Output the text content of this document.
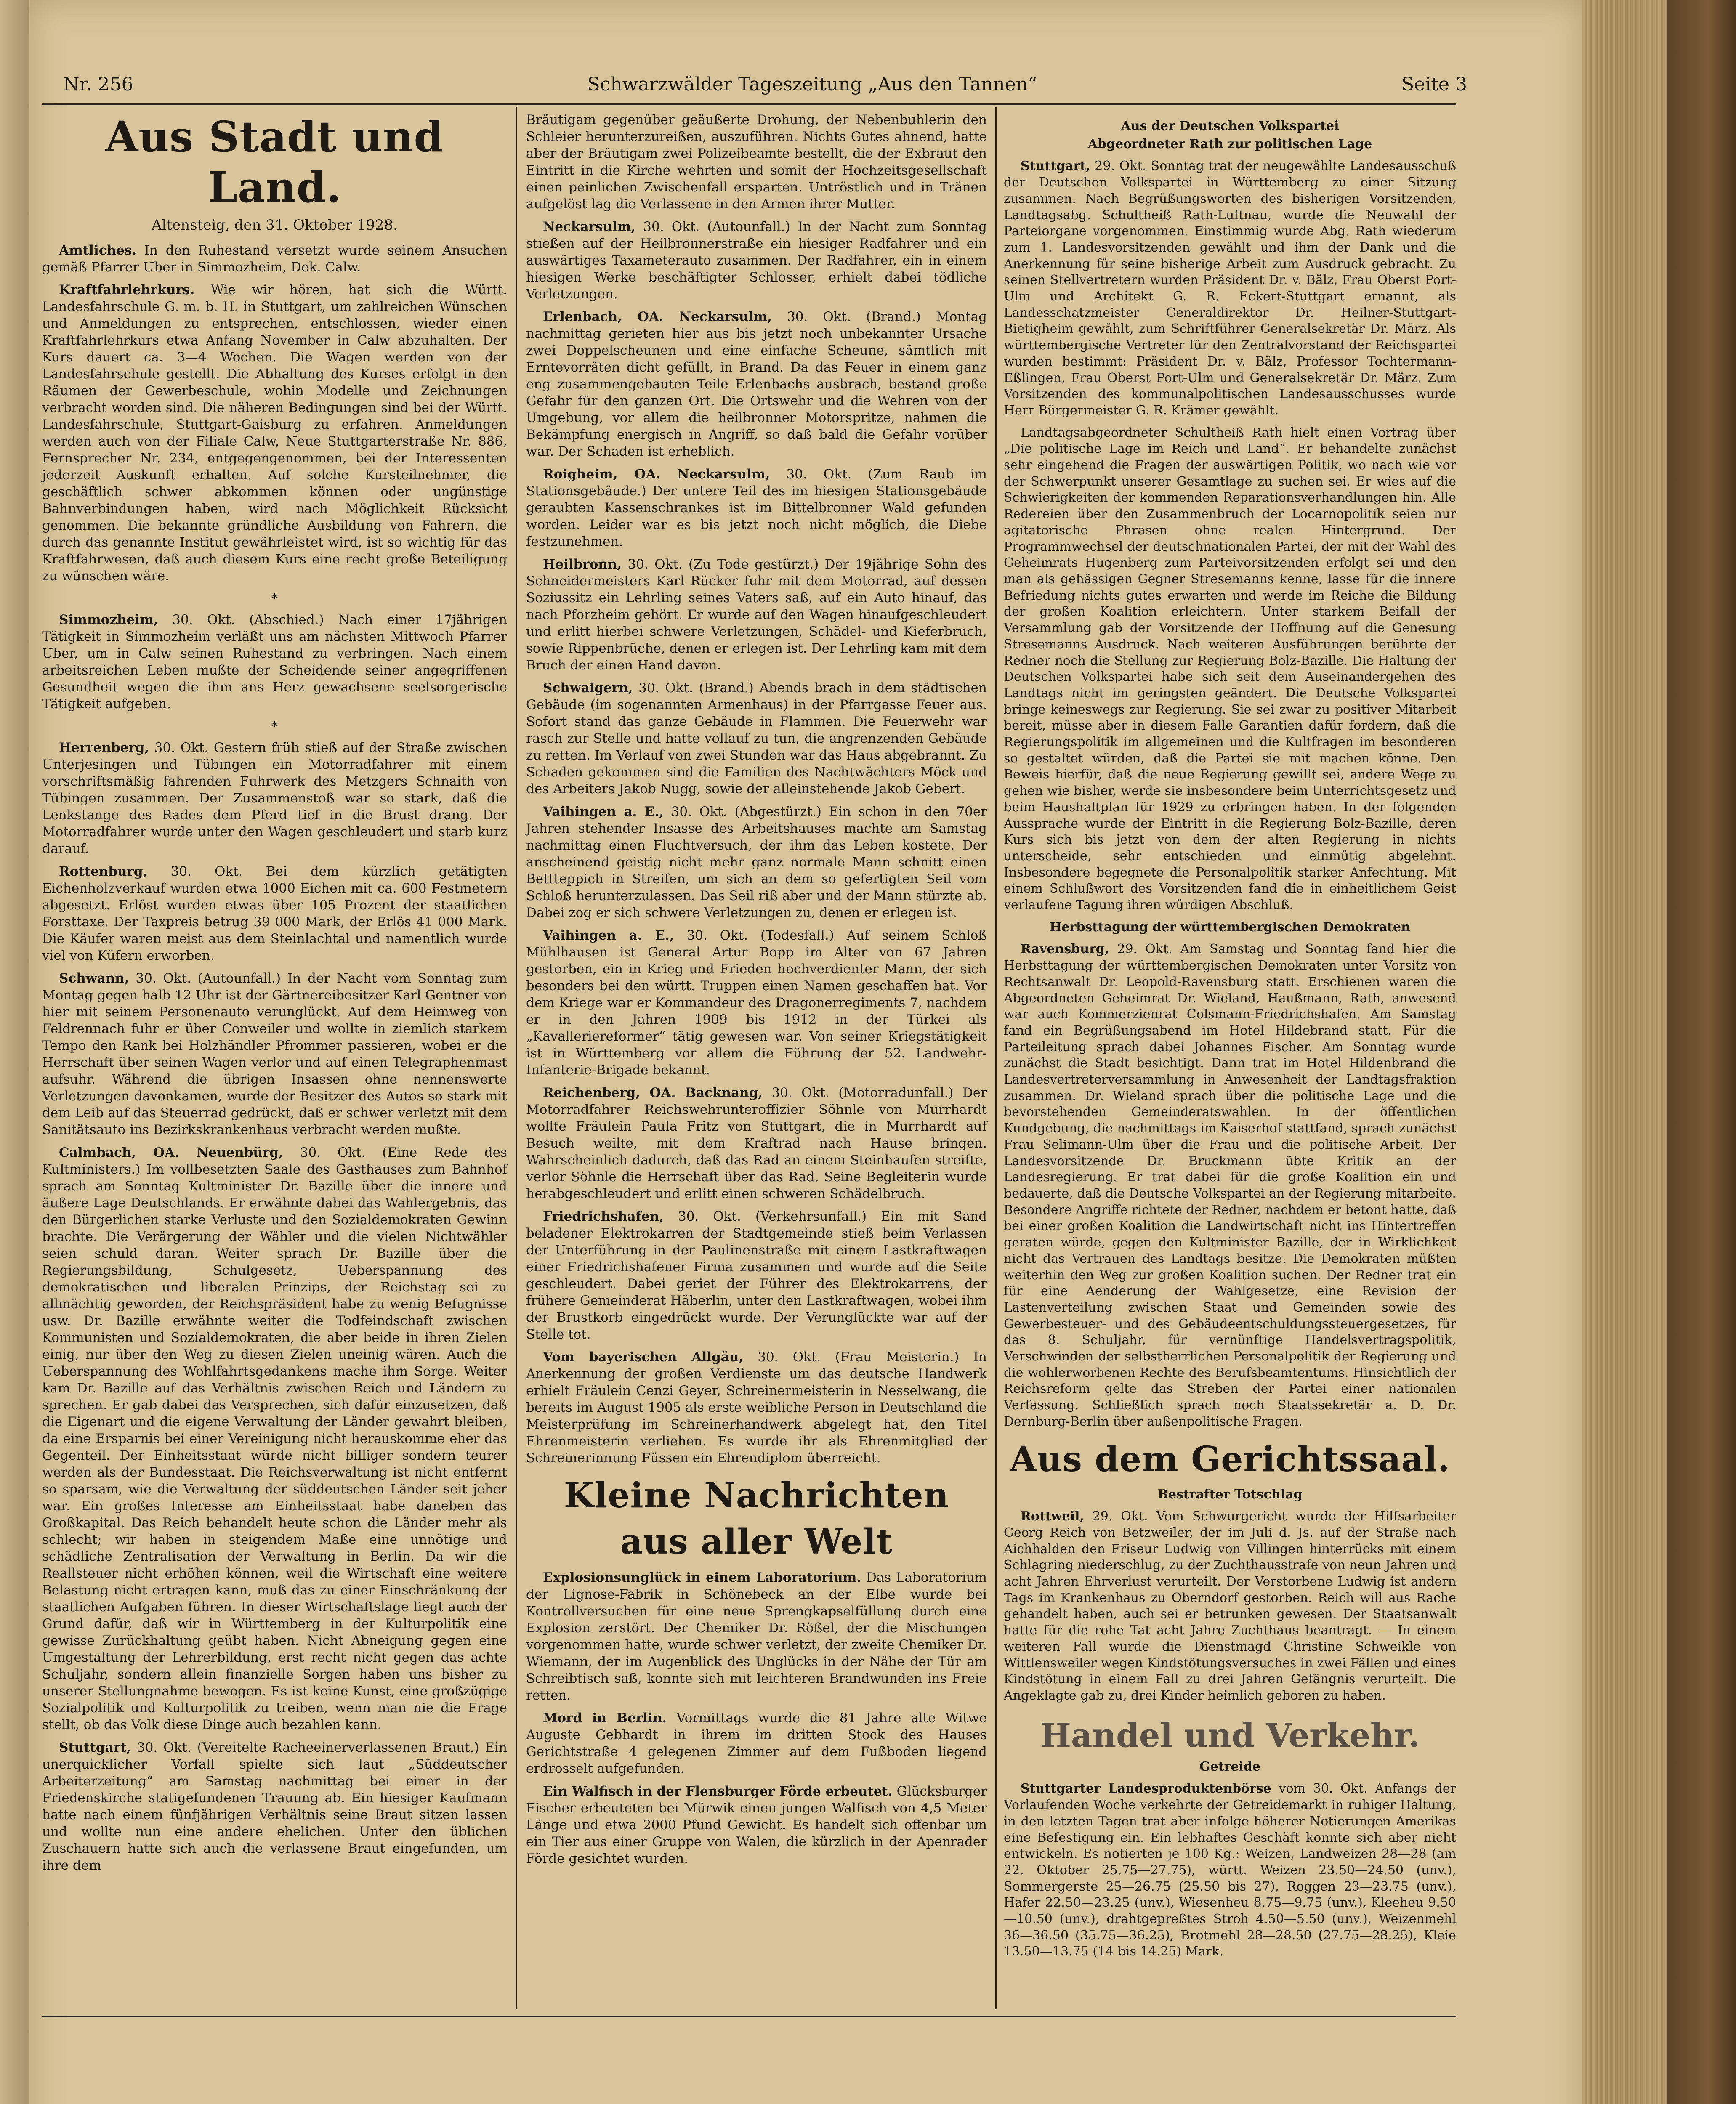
Nr. 256	Schwarzwälder Tageszeitung „Aus den Tannen“	Seite 3
Aus Stadt und Land.
Altensteig, den 31. Oktober 1928.

Amtliches. In den Ruhestand versetzt wurde seinem Ansuchen gemäß Pfarrer Uber in Simmozheim, Dek. Calw.

Kraftfahrlehrkurs. Wie wir hören, hat sich die Württ. Landesfahrschule G. m. b. H. in Stuttgart, um zahlreichen Wünschen und Anmeldungen zu entsprechen, entschlossen, wieder einen Kraftfahrlehrkurs etwa Anfang November in Calw abzuhalten. Der Kurs dauert ca. 3—4 Wochen. Die Wagen werden von der Landesfahrschule gestellt. Die Abhaltung des Kurses erfolgt in den Räumen der Gewerbeschule, wohin Modelle und Zeichnungen verbracht worden sind. Die näheren Bedingungen sind bei der Württ. Landesfahrschule, Stuttgart-Gaisburg zu erfahren. Anmeldungen werden auch von der Filiale Calw, Neue Stuttgarterstraße Nr. 886, Fernsprecher Nr. 234, entgegengenommen, bei der Interessenten jederzeit Auskunft erhalten. Auf solche Kursteilnehmer, die geschäftlich schwer abkommen können oder ungünstige Bahnverbindungen haben, wird nach Möglichkeit Rücksicht genommen. Die bekannte gründliche Ausbildung von Fahrern, die durch das genannte Institut gewährleistet wird, ist so wichtig für das Kraftfahrwesen, daß auch diesem Kurs eine recht große Beteiligung zu wünschen wäre.

*

Simmozheim, 30. Okt. (Abschied.) Nach einer 17jährigen Tätigkeit in Simmozheim verläßt uns am nächsten Mittwoch Pfarrer Uber, um in Calw seinen Ruhestand zu verbringen. Nach einem arbeitsreichen Leben mußte der Scheidende seiner angegriffenen Gesundheit wegen die ihm ans Herz gewachsene seelsorgerische Tätigkeit aufgeben.

*

Herrenberg, 30. Okt. Gestern früh stieß auf der Straße zwischen Unterjesingen und Tübingen ein Motorradfahrer mit einem vorschriftsmäßig fahrenden Fuhrwerk des Metzgers Schnaith von Tübingen zusammen. Der Zusammenstoß war so stark, daß die Lenkstange des Rades dem Pferd tief in die Brust drang. Der Motorradfahrer wurde unter den Wagen geschleudert und starb kurz darauf.

Rottenburg, 30. Okt. Bei dem kürzlich getätigten Eichenholzverkauf wurden etwa 1000 Eichen mit ca. 600 Festmetern abgesetzt. Erlöst wurden etwas über 105 Prozent der staatlichen Forsttaxe. Der Taxpreis betrug 39 000 Mark, der Erlös 41 000 Mark. Die Käufer waren meist aus dem Steinlachtal und namentlich wurde viel von Küfern erworben.

Schwann, 30. Okt. (Autounfall.) In der Nacht vom Sonntag zum Montag gegen halb 12 Uhr ist der Gärtnereibesitzer Karl Gentner von hier mit seinem Personenauto verunglückt. Auf dem Heimweg von Feldrennach fuhr er über Conweiler und wollte in ziemlich starkem Tempo den Rank bei Holzhändler Pfrommer passieren, wobei er die Herrschaft über seinen Wagen verlor und auf einen Telegraphenmast aufsuhr. Während die übrigen Insassen ohne nennenswerte Verletzungen davonkamen, wurde der Besitzer des Autos so stark mit dem Leib auf das Steuerrad gedrückt, daß er schwer verletzt mit dem Sanitätsauto ins Bezirkskrankenhaus verbracht werden mußte.

Calmbach, OA. Neuenbürg, 30. Okt. (Eine Rede des Kultministers.) Im vollbesetzten Saale des Gasthauses zum Bahnhof sprach am Sonntag Kultminister Dr. Bazille über die innere und äußere Lage Deutschlands. Er erwähnte dabei das Wahlergebnis, das den Bürgerlichen starke Verluste und den Sozialdemokraten Gewinn brachte. Die Verärgerung der Wähler und die vielen Nichtwähler seien schuld daran. Weiter sprach Dr. Bazille über die Regierungsbildung, Schulgesetz, Ueberspannung des demokratischen und liberalen Prinzips, der Reichstag sei zu allmächtig geworden, der Reichspräsident habe zu wenig Befugnisse usw. Dr. Bazille erwähnte weiter die Todfeindschaft zwischen Kommunisten und Sozialdemokraten, die aber beide in ihren Zielen einig, nur über den Weg zu diesen Zielen uneinig wären. Auch die Ueberspannung des Wohlfahrtsgedankens mache ihm Sorge. Weiter kam Dr. Bazille auf das Verhältnis zwischen Reich und Ländern zu sprechen. Er gab dabei das Versprechen, sich dafür einzusetzen, daß die Eigenart und die eigene Verwaltung der Länder gewahrt bleiben, da eine Ersparnis bei einer Vereinigung nicht herauskomme eher das Gegenteil. Der Einheitsstaat würde nicht billiger sondern teurer werden als der Bundesstaat. Die Reichsverwaltung ist nicht entfernt so sparsam, wie die Verwaltung der süddeutschen Länder seit jeher war. Ein großes Interesse am Einheitsstaat habe daneben das Großkapital. Das Reich behandelt heute schon die Länder mehr als schlecht; wir haben in steigendem Maße eine unnötige und schädliche Zentralisation der Verwaltung in Berlin. Da wir die Reallsteuer nicht erhöhen können, weil die Wirtschaft eine weitere Belastung nicht ertragen kann, muß das zu einer Einschränkung der staatlichen Aufgaben führen. In dieser Wirtschaftslage liegt auch der Grund dafür, daß wir in Württemberg in der Kulturpolitik eine gewisse Zurückhaltung geübt haben. Nicht Abneigung gegen eine Umgestaltung der Lehrerbildung, erst recht nicht gegen das achte Schuljahr, sondern allein finanzielle Sorgen haben uns bisher zu unserer Stellungnahme bewogen. Es ist keine Kunst, eine großzügige Sozialpolitik und Kulturpolitik zu treiben, wenn man nie die Frage stellt, ob das Volk diese Dinge auch bezahlen kann.

Stuttgart, 30. Okt. (Vereitelte Racheeinerverlassenen Braut.) Ein unerquicklicher Vorfall spielte sich laut „Süddeutscher Arbeiterzeitung“ am Samstag nachmittag bei einer in der Friedenskirche statigefundenen Trauung ab. Ein hiesiger Kaufmann hatte nach einem fünfjährigen Verhältnis seine Braut sitzen lassen und wollte nun eine andere ehelichen. Unter den üblichen Zuschauern hatte sich auch die verlassene Braut eingefunden, um ihre dem

Bräutigam gegenüber geäußerte Drohung, der Nebenbuhlerin den Schleier herunterzureißen, auszuführen. Nichts Gutes ahnend, hatte aber der Bräutigam zwei Polizeibeamte bestellt, die der Exbraut den Eintritt in die Kirche wehrten und somit der Hochzeitsgesellschaft einen peinlichen Zwischenfall ersparten. Untröstlich und in Tränen aufgelöst lag die Verlassene in den Armen ihrer Mutter.

Neckarsulm, 30. Okt. (Autounfall.) In der Nacht zum Sonntag stießen auf der Heilbronnerstraße ein hiesiger Radfahrer und ein auswärtiges Taxameterauto zusammen. Der Radfahrer, ein in einem hiesigen Werke beschäftigter Schlosser, erhielt dabei tödliche Verletzungen.

Erlenbach, OA. Neckarsulm, 30. Okt. (Brand.) Montag nachmittag gerieten hier aus bis jetzt noch unbekannter Ursache zwei Doppelscheunen und eine einfache Scheune, sämtlich mit Erntevorräten dicht gefüllt, in Brand. Da das Feuer in einem ganz eng zusammengebauten Teile Erlenbachs ausbrach, bestand große Gefahr für den ganzen Ort. Die Ortswehr und die Wehren von der Umgebung, vor allem die heilbronner Motorspritze, nahmen die Bekämpfung energisch in Angriff, so daß bald die Gefahr vorüber war. Der Schaden ist erheblich.

Roigheim, OA. Neckarsulm, 30. Okt. (Zum Raub im Stationsgebäude.) Der untere Teil des im hiesigen Stationsgebäude geraubten Kassenschrankes ist im Bittelbronner Wald gefunden worden. Leider war es bis jetzt noch nicht möglich, die Diebe festzunehmen.

Heilbronn, 30. Okt. (Zu Tode gestürzt.) Der 19jährige Sohn des Schneidermeisters Karl Rücker fuhr mit dem Motorrad, auf dessen Soziussitz ein Lehrling seines Vaters saß, auf ein Auto hinauf, das nach Pforzheim gehört. Er wurde auf den Wagen hinaufgeschleudert und erlitt hierbei schwere Verletzungen, Schädel- und Kieferbruch, sowie Rippenbrüche, denen er erlegen ist. Der Lehrling kam mit dem Bruch der einen Hand davon.

Schwaigern, 30. Okt. (Brand.) Abends brach in dem städtischen Gebäude (im sogenannten Armenhaus) in der Pfarrgasse Feuer aus. Sofort stand das ganze Gebäude in Flammen. Die Feuerwehr war rasch zur Stelle und hatte vollauf zu tun, die angrenzenden Gebäude zu retten. Im Verlauf von zwei Stunden war das Haus abgebrannt. Zu Schaden gekommen sind die Familien des Nachtwächters Möck und des Arbeiters Jakob Nugg, sowie der alleinstehende Jakob Gebert.

Vaihingen a. E., 30. Okt. (Abgestürzt.) Ein schon in den 70er Jahren stehender Insasse des Arbeitshauses machte am Samstag nachmittag einen Fluchtversuch, der ihm das Leben kostete. Der anscheinend geistig nicht mehr ganz normale Mann schnitt einen Bettteppich in Streifen, um sich an dem so gefertigten Seil vom Schloß herunterzulassen. Das Seil riß aber und der Mann stürzte ab. Dabei zog er sich schwere Verletzungen zu, denen er erlegen ist.

Vaihingen a. E., 30. Okt. (Todesfall.) Auf seinem Schloß Mühlhausen ist General Artur Bopp im Alter von 67 Jahren gestorben, ein in Krieg und Frieden hochverdienter Mann, der sich besonders bei den württ. Truppen einen Namen geschaffen hat. Vor dem Kriege war er Kommandeur des Dragonerregiments 7, nachdem er in den Jahren 1909 bis 1912 in der Türkei als „Kavalleriereformer“ tätig gewesen war. Von seiner Kriegstätigkeit ist in Württemberg vor allem die Führung der 52. Landwehr-Infanterie-Brigade bekannt.

Reichenberg, OA. Backnang, 30. Okt. (Motorradunfall.) Der Motorradfahrer Reichswehrunteroffizier Söhnle von Murrhardt wollte Fräulein Paula Fritz von Stuttgart, die in Murrhardt auf Besuch weilte, mit dem Kraftrad nach Hause bringen. Wahrscheinlich dadurch, daß das Rad an einem Steinhaufen streifte, verlor Söhnle die Herrschaft über das Rad. Seine Begleiterin wurde herabgeschleudert und erlitt einen schweren Schädelbruch.

Friedrichshafen, 30. Okt. (Verkehrsunfall.) Ein mit Sand beladener Elektrokarren der Stadtgemeinde stieß beim Verlassen der Unterführung in der Paulinenstraße mit einem Lastkraftwagen einer Friedrichshafener Firma zusammen und wurde auf die Seite geschleudert. Dabei geriet der Führer des Elektrokarrens, der frühere Gemeinderat Häberlin, unter den Lastkraftwagen, wobei ihm der Brustkorb eingedrückt wurde. Der Verunglückte war auf der Stelle tot.

Vom bayerischen Allgäu, 30. Okt. (Frau Meisterin.) In Anerkennung der großen Verdienste um das deutsche Handwerk erhielt Fräulein Cenzi Geyer, Schreinermeisterin in Nesselwang, die bereits im August 1905 als erste weibliche Person in Deutschland die Meisterprüfung im Schreinerhandwerk abgelegt hat, den Titel Ehrenmeisterin verliehen. Es wurde ihr als Ehrenmitglied der Schreinerinnung Füssen ein Ehrendiplom überreicht.

Kleine Nachrichten aus aller Welt

Explosionsunglück in einem Laboratorium. Das Laboratorium der Lignose-Fabrik in Schönebeck an der Elbe wurde bei Kontrollversuchen für eine neue Sprengkapselfüllung durch eine Explosion zerstört. Der Chemiker Dr. Rößel, der die Mischungen vorgenommen hatte, wurde schwer verletzt, der zweite Chemiker Dr. Wiemann, der im Augenblick des Unglücks in der Nähe der Tür am Schreibtisch saß, konnte sich mit leichteren Brandwunden ins Freie retten.

Mord in Berlin. Vormittags wurde die 81 Jahre alte Witwe Auguste Gebhardt in ihrem im dritten Stock des Hauses Gerichtstraße 4 gelegenen Zimmer auf dem Fußboden liegend erdrosselt aufgefunden.

Ein Walfisch in der Flensburger Förde erbeutet. Glücksburger Fischer erbeuteten bei Mürwik einen jungen Walfisch von 4,5 Meter Länge und etwa 2000 Pfund Gewicht. Es handelt sich offenbar um ein Tier aus einer Gruppe von Walen, die kürzlich in der Apenrader Förde gesichtet wurden.

Aus der Deutschen Volkspartei
Abgeordneter Rath zur politischen Lage

Stuttgart, 29. Okt. Sonntag trat der neugewählte Landesausschuß der Deutschen Volkspartei in Württemberg zu einer Sitzung zusammen. Nach Begrüßungsworten des bisherigen Vorsitzenden, Landtagsabg. Schultheiß Rath-Luftnau, wurde die Neuwahl der Parteiorgane vorgenommen. Einstimmig wurde Abg. Rath wiederum zum 1. Landesvorsitzenden gewählt und ihm der Dank und die Anerkennung für seine bisherige Arbeit zum Ausdruck gebracht. Zu seinen Stellvertretern wurden Präsident Dr. v. Bälz, Frau Oberst Port-Ulm und Architekt G. R. Eckert-Stuttgart ernannt, als Landesschatzmeister Generaldirektor Dr. Heilner-Stuttgart-Bietigheim gewählt, zum Schriftführer Generalsekretär Dr. März. Als württembergische Vertreter für den Zentralvorstand der Reichspartei wurden bestimmt: Präsident Dr. v. Bälz, Professor Tochtermann-Eßlingen, Frau Oberst Port-Ulm und Generalsekretär Dr. März. Zum Vorsitzenden des kommunalpolitischen Landesausschusses wurde Herr Bürgermeister G. R. Krämer gewählt.

Landtagsabgeordneter Schultheiß Rath hielt einen Vortrag über „Die politische Lage im Reich und Land“. Er behandelte zunächst sehr eingehend die Fragen der auswärtigen Politik, wo nach wie vor der Schwerpunkt unserer Gesamtlage zu suchen sei. Er wies auf die Schwierigkeiten der kommenden Reparationsverhandlungen hin. Alle Redereien über den Zusammenbruch der Locarnopolitik seien nur agitatorische Phrasen ohne realen Hintergrund. Der Programmwechsel der deutschnationalen Partei, der mit der Wahl des Geheimrats Hugenberg zum Parteivorsitzenden erfolgt sei und den man als gehässigen Gegner Stresemanns kenne, lasse für die innere Befriedung nichts gutes erwarten und werde im Reiche die Bildung der großen Koalition erleichtern. Unter starkem Beifall der Versammlung gab der Vorsitzende der Hoffnung auf die Genesung Stresemanns Ausdruck. Nach weiteren Ausführungen berührte der Redner noch die Stellung zur Regierung Bolz-Bazille. Die Haltung der Deutschen Volkspartei habe sich seit dem Auseinandergehen des Landtags nicht im geringsten geändert. Die Deutsche Volkspartei bringe keineswegs zur Regierung. Sie sei zwar zu positiver Mitarbeit bereit, müsse aber in diesem Falle Garantien dafür fordern, daß die Regierungspolitik im allgemeinen und die Kultfragen im besonderen so gestaltet würden, daß die Partei sie mit machen könne. Den Beweis hierfür, daß die neue Regierung gewillt sei, andere Wege zu gehen wie bisher, werde sie insbesondere beim Unterrichtsgesetz und beim Haushaltplan für 1929 zu erbringen haben. In der folgenden Aussprache wurde der Eintritt in die Regierung Bolz-Bazille, deren Kurs sich bis jetzt von dem der alten Regierung in nichts unterscheide, sehr entschieden und einmütig abgelehnt. Insbesondere begegnete die Personalpolitik starker Anfechtung. Mit einem Schlußwort des Vorsitzenden fand die in einheitlichem Geist verlaufene Tagung ihren würdigen Abschluß.

Herbsttagung der württembergischen Demokraten

Ravensburg, 29. Okt. Am Samstag und Sonntag fand hier die Herbsttagung der württembergischen Demokraten unter Vorsitz von Rechtsanwalt Dr. Leopold-Ravensburg statt. Erschienen waren die Abgeordneten Geheimrat Dr. Wieland, Haußmann, Rath, anwesend war auch Kommerzienrat Colsmann-Friedrichshafen. Am Samstag fand ein Begrüßungsabend im Hotel Hildebrand statt. Für die Parteileitung sprach dabei Johannes Fischer. Am Sonntag wurde zunächst die Stadt besichtigt. Dann trat im Hotel Hildenbrand die Landesvertreterversammlung in Anwesenheit der Landtagsfraktion zusammen. Dr. Wieland sprach über die politische Lage und die bevorstehenden Gemeinderatswahlen. In der öffentlichen Kundgebung, die nachmittags im Kaiserhof stattfand, sprach zunächst Frau Selimann-Ulm über die Frau und die politische Arbeit. Der Landesvorsitzende Dr. Bruckmann übte Kritik an der Landesregierung. Er trat dabei für die große Koalition ein und bedauerte, daß die Deutsche Volkspartei an der Regierung mitarbeite. Besondere Angriffe richtete der Redner, nachdem er betont hatte, daß bei einer großen Koalition die Landwirtschaft nicht ins Hintertreffen geraten würde, gegen den Kultminister Bazille, der in Wirklichkeit nicht das Vertrauen des Landtags besitze. Die Demokraten müßten weiterhin den Weg zur großen Koalition suchen. Der Redner trat ein für eine Aenderung der Wahlgesetze, eine Revision der Lastenverteilung zwischen Staat und Gemeinden sowie des Gewerbesteuer- und des Gebäudeentschuldungssteuergesetzes, für das 8. Schuljahr, für vernünftige Handelsvertragspolitik, Verschwinden der selbstherrlichen Personalpolitik der Regierung und die wohlerworbenen Rechte des Berufsbeamtentums. Hinsichtlich der Reichsreform gelte das Streben der Partei einer nationalen Verfassung. Schließlich sprach noch Staatssekretär a. D. Dr. Dernburg-Berlin über außenpolitische Fragen.

Aus dem Gerichtssaal.
Bestrafter Totschlag

Rottweil, 29. Okt. Vom Schwurgericht wurde der Hilfsarbeiter Georg Reich von Betzweiler, der im Juli d. Js. auf der Straße nach Aichhalden den Friseur Ludwig von Villingen hinterrücks mit einem Schlagring niederschlug, zu der Zuchthausstrafe von neun Jahren und acht Jahren Ehrverlust verurteilt. Der Verstorbene Ludwig ist andern Tags im Krankenhaus zu Oberndorf gestorben. Reich will aus Rache gehandelt haben, auch sei er betrunken gewesen. Der Staatsanwalt hatte für die rohe Tat acht Jahre Zuchthaus beantragt. — In einem weiteren Fall wurde die Dienstmagd Christine Schweikle von Wittlensweiler wegen Kindstötungsversuches in zwei Fällen und eines Kindstötung in einem Fall zu drei Jahren Gefängnis verurteilt. Die Angeklagte gab zu, drei Kinder heimlich geboren zu haben.

Handel und Verkehr.
Getreide

Stuttgarter Landesproduktenbörse vom 30. Okt. Anfangs der Vorlaufenden Woche verkehrte der Getreidemarkt in ruhiger Haltung, in den letzten Tagen trat aber infolge höherer Notierungen Amerikas eine Befestigung ein. Ein lebhaftes Geschäft konnte sich aber nicht entwickeln. Es notierten je 100 Kg.: Weizen, Landweizen 28—28 (am 22. Oktober 25.75—27.75), württ. Weizen 23.50—24.50 (unv.), Sommergerste 25—26.75 (25.50 bis 27), Roggen 23—23.75 (unv.), Hafer 22.50—23.25 (unv.), Wiesenheu 8.75—9.75 (unv.), Kleeheu 9.50—10.50 (unv.), drahtgepreßtes Stroh 4.50—5.50 (unv.), Weizenmehl 36—36.50 (35.75—36.25), Brotmehl 28—28.50 (27.75—28.25), Kleie 13.50—13.75 (14 bis 14.25) Mark.
